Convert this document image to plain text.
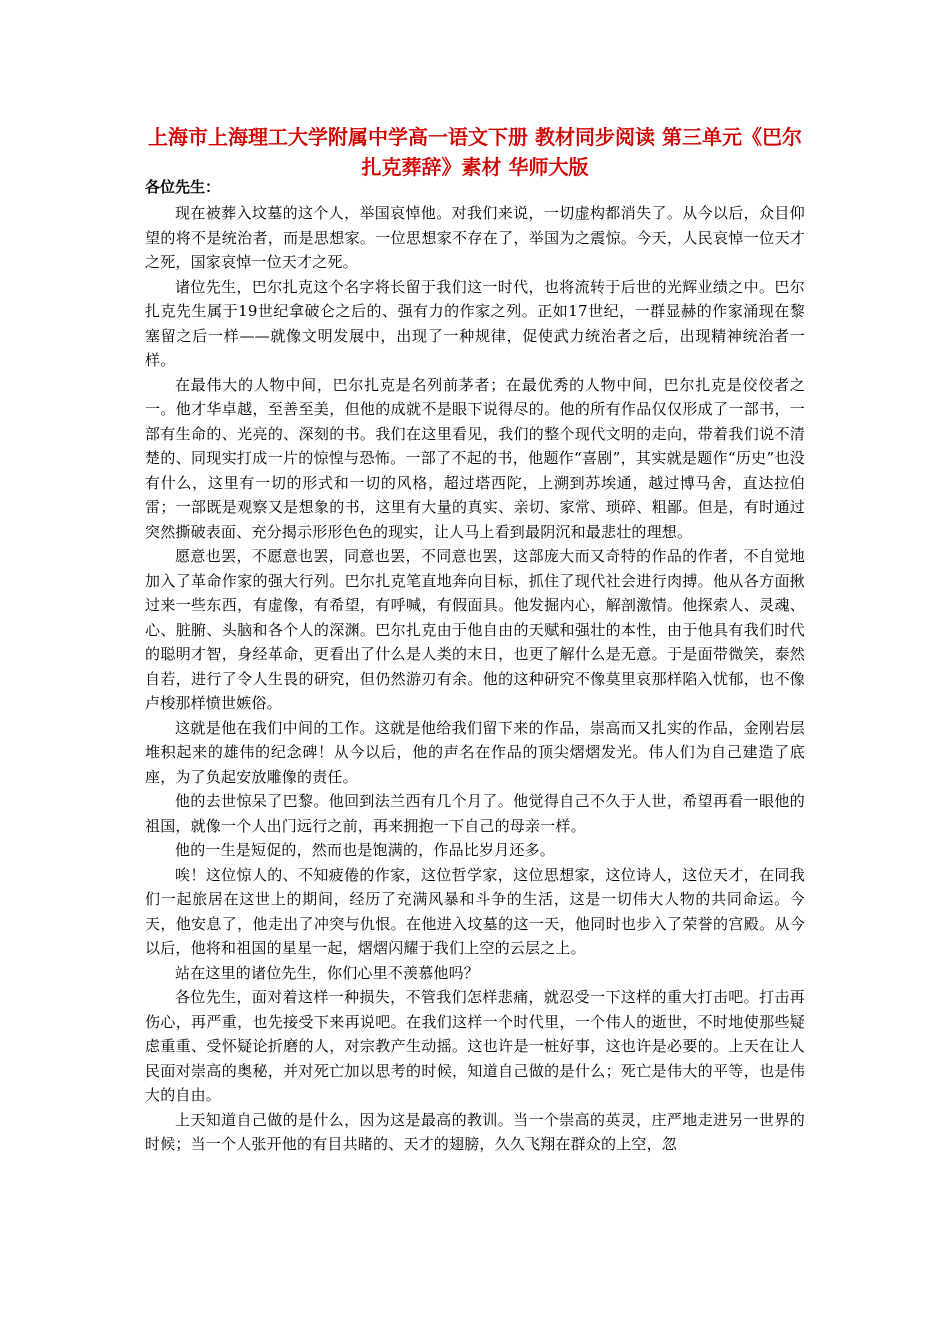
上海市上海理工大学附属中学高一语文下册 教材同步阅读 第三单元《巴尔扎克葬辞》素材 华师大版

各位先生：

现在被葬入坟墓的这个人，举国哀悼他。对我们来说，一切虚构都消失了。从今以后，众目仰望的将不是统治者，而是思想家。一位思想家不存在了，举国为之震惊。今天，人民哀悼一位天才之死，国家哀悼一位天才之死。

诸位先生，巴尔扎克这个名字将长留于我们这一时代，也将流转于后世的光辉业绩之中。巴尔扎克先生属于19世纪拿破仑之后的、强有力的作家之列。正如17世纪，一群显赫的作家涌现在黎塞留之后一样——就像文明发展中，出现了一种规律，促使武力统治者之后，出现精神统治者一样。

在最伟大的人物中间，巴尔扎克是名列前茅者；在最优秀的人物中间，巴尔扎克是佼佼者之一。他才华卓越，至善至美，但他的成就不是眼下说得尽的。他的所有作品仅仅形成了一部书，一部有生命的、光亮的、深刻的书。我们在这里看见，我们的整个现代文明的走向，带着我们说不清楚的、同现实打成一片的惊惶与恐怖。一部了不起的书，他题作“喜剧”，其实就是题作“历史”也没有什么，这里有一切的形式和一切的风格，超过塔西陀，上溯到苏埃通，越过博马舍，直达拉伯雷；一部既是观察又是想象的书，这里有大量的真实、亲切、家常、琐碎、粗鄙。但是，有时通过突然撕破表面、充分揭示形形色色的现实，让人马上看到最阴沉和最悲壮的理想。

愿意也罢，不愿意也罢，同意也罢，不同意也罢，这部庞大而又奇特的作品的作者，不自觉地加入了革命作家的强大行列。巴尔扎克笔直地奔向目标，抓住了现代社会进行肉搏。他从各方面揪过来一些东西，有虚像，有希望，有呼喊，有假面具。他发掘内心，解剖激情。他探索人、灵魂、心、脏腑、头脑和各个人的深渊。巴尔扎克由于他自由的天赋和强壮的本性，由于他具有我们时代的聪明才智，身经革命，更看出了什么是人类的末日，也更了解什么是无意。于是面带微笑，泰然自若，进行了令人生畏的研究，但仍然游刃有余。他的这种研究不像莫里哀那样陷入忧郁，也不像卢梭那样愤世嫉俗。

这就是他在我们中间的工作。这就是他给我们留下来的作品，崇高而又扎实的作品，金刚岩层堆积起来的雄伟的纪念碑！从今以后，他的声名在作品的顶尖熠熠发光。伟人们为自己建造了底座，为了负起安放雕像的责任。

他的去世惊呆了巴黎。他回到法兰西有几个月了。他觉得自己不久于人世，希望再看一眼他的祖国，就像一个人出门远行之前，再来拥抱一下自己的母亲一样。

他的一生是短促的，然而也是饱满的，作品比岁月还多。

唉！这位惊人的、不知疲倦的作家，这位哲学家，这位思想家，这位诗人，这位天才，在同我们一起旅居在这世上的期间，经历了充满风暴和斗争的生活，这是一切伟大人物的共同命运。今天，他安息了，他走出了冲突与仇恨。在他进入坟墓的这一天，他同时也步入了荣誉的宫殿。从今以后，他将和祖国的星星一起，熠熠闪耀于我们上空的云层之上。

站在这里的诸位先生，你们心里不羡慕他吗？

各位先生，面对着这样一种损失，不管我们怎样悲痛，就忍受一下这样的重大打击吧。打击再伤心，再严重，也先接受下来再说吧。在我们这样一个时代里，一个伟人的逝世，不时地使那些疑虑重重、受怀疑论折磨的人，对宗教产生动摇。这也许是一桩好事，这也许是必要的。上天在让人民面对崇高的奥秘，并对死亡加以思考的时候，知道自己做的是什么；死亡是伟大的平等，也是伟大的自由。

上天知道自己做的是什么，因为这是最高的教训。当一个崇高的英灵，庄严地走进另一世界的时候；当一个人张开他的有目共睹的、天才的翅膀，久久飞翔在群众的上空，忽
